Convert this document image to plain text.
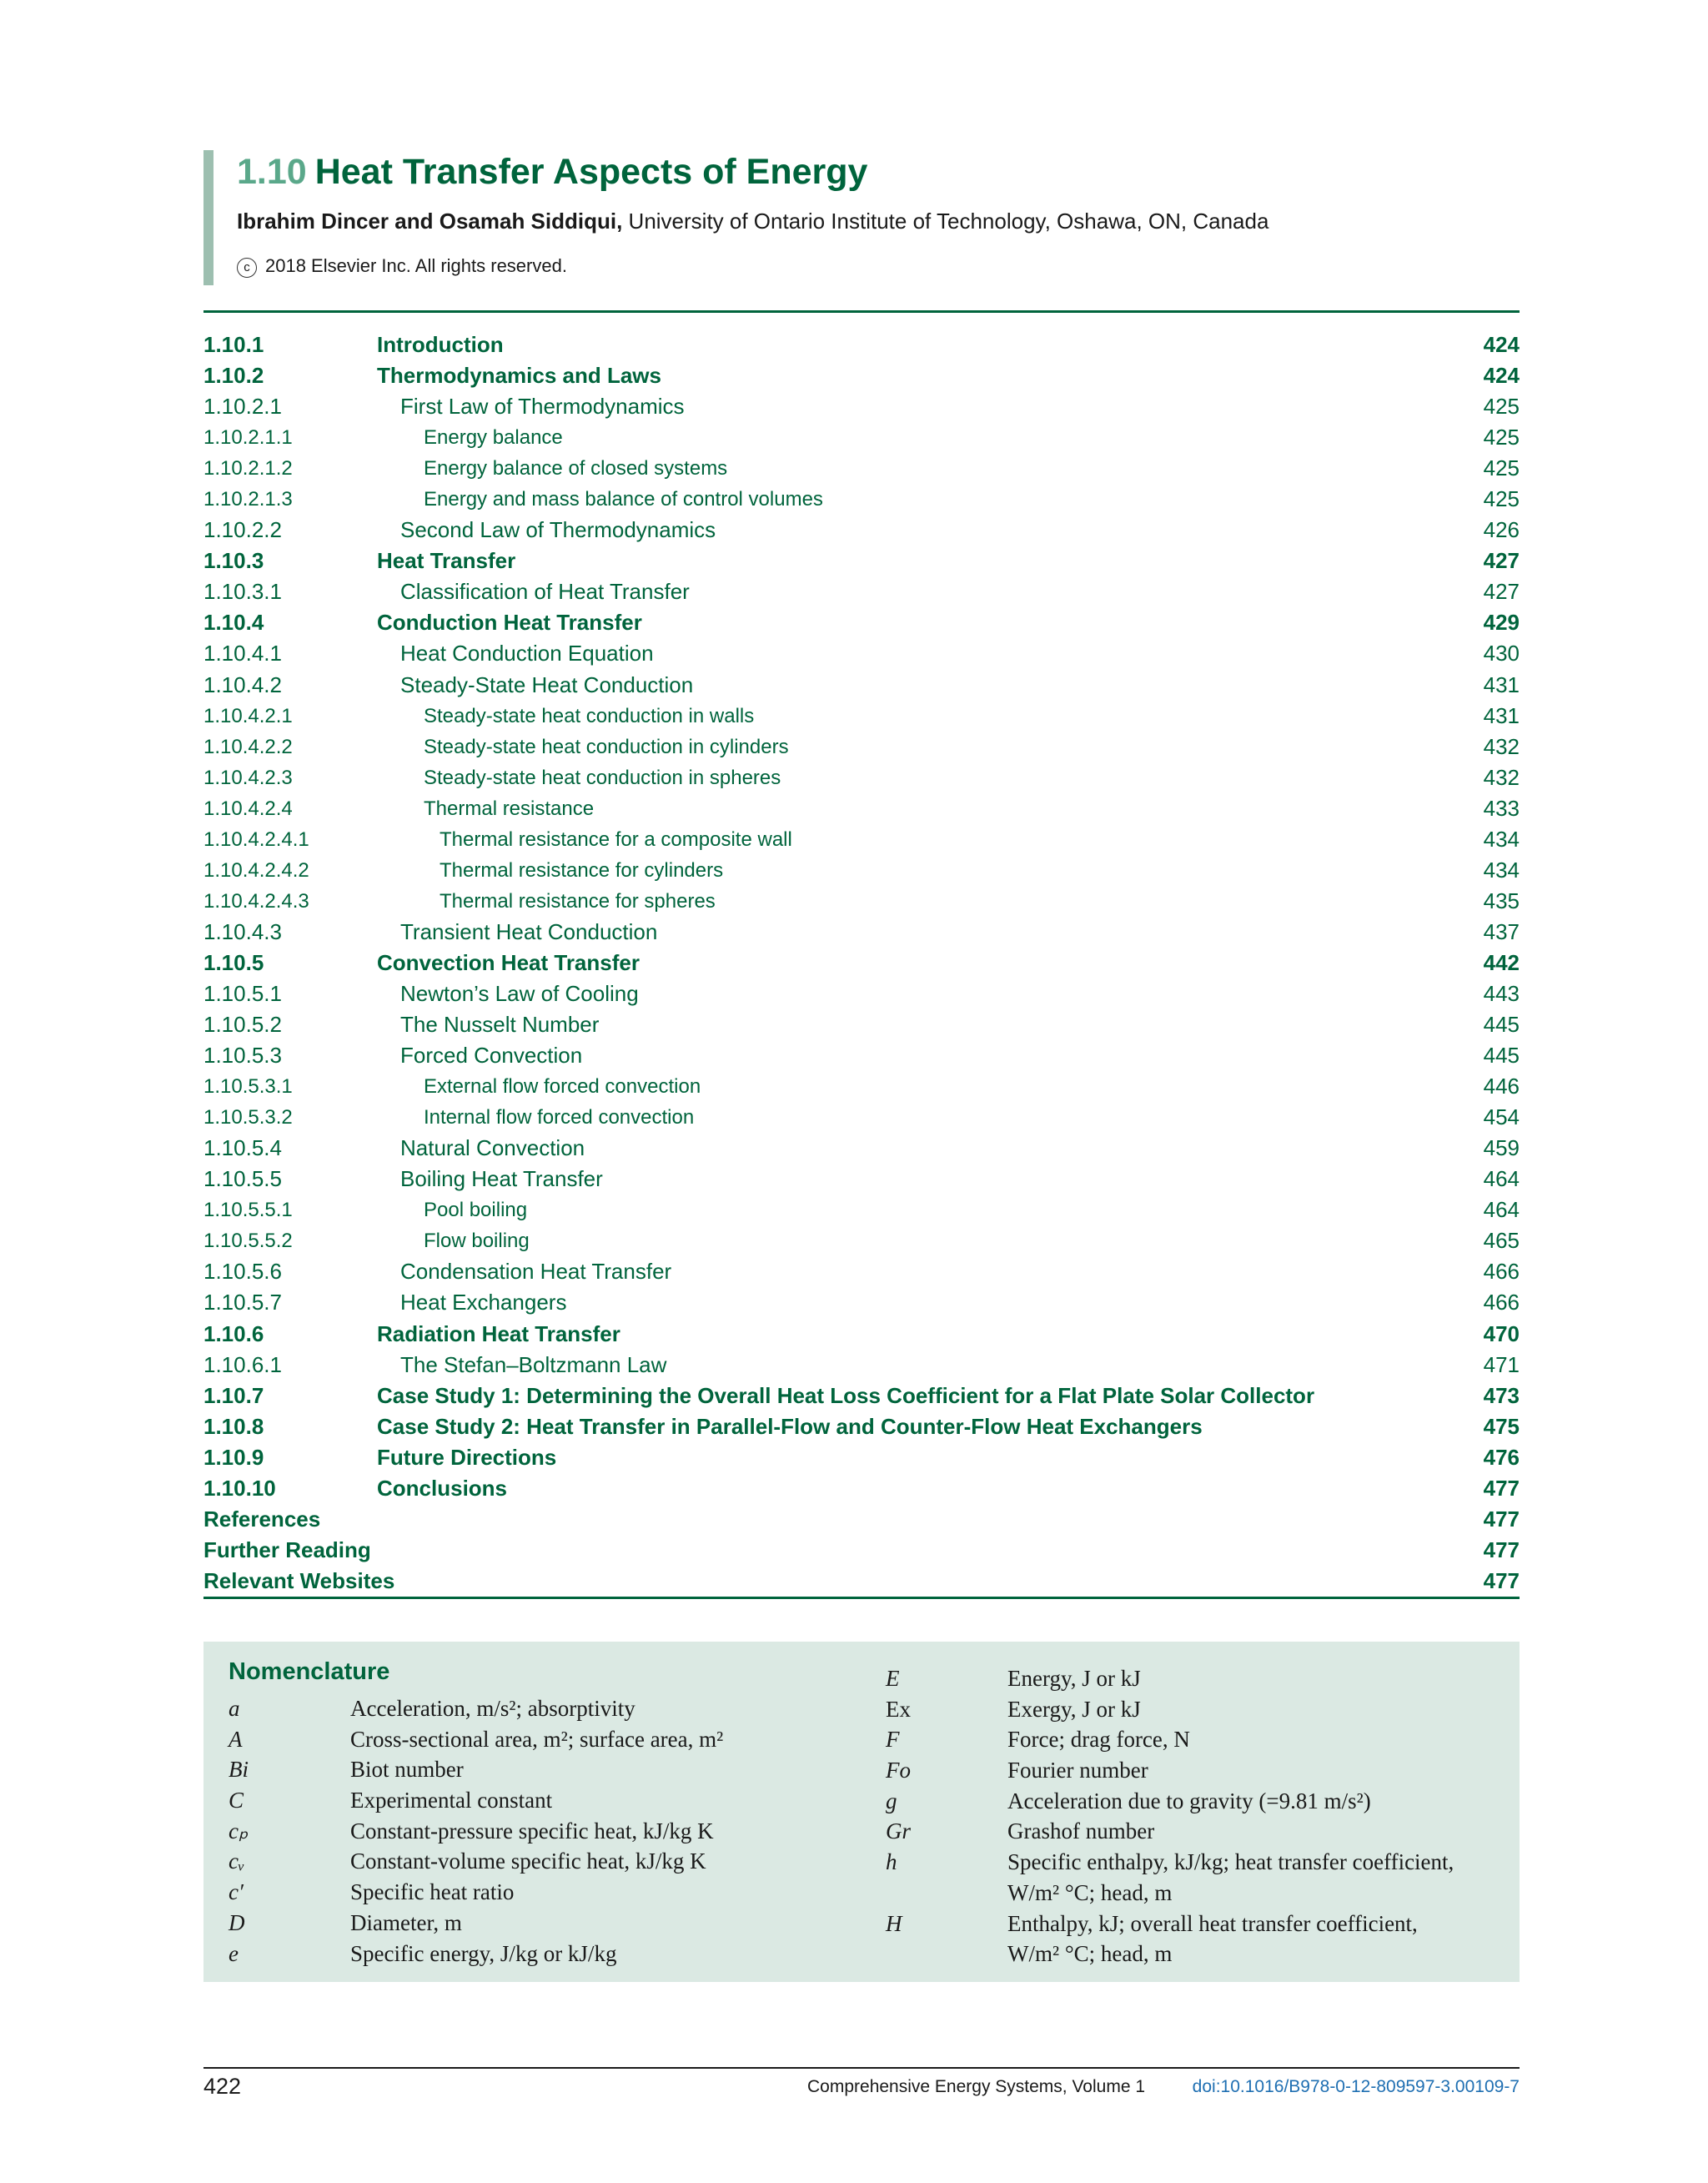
1.10 Heat Transfer Aspects of Energy
Ibrahim Dincer and Osamah Siddiqui, University of Ontario Institute of Technology, Oshawa, ON, Canada
c 2018 Elsevier Inc. All rights reserved.
1.10.1	Introduction	424
1.10.2	Thermodynamics and Laws	424
1.10.2.1	First Law of Thermodynamics	425
1.10.2.1.1	Energy balance	425
1.10.2.1.2	Energy balance of closed systems	425
1.10.2.1.3	Energy and mass balance of control volumes	425
1.10.2.2	Second Law of Thermodynamics	426
1.10.3	Heat Transfer	427
1.10.3.1	Classification of Heat Transfer	427
1.10.4	Conduction Heat Transfer	429
1.10.4.1	Heat Conduction Equation	430
1.10.4.2	Steady-State Heat Conduction	431
1.10.4.2.1	Steady-state heat conduction in walls	431
1.10.4.2.2	Steady-state heat conduction in cylinders	432
1.10.4.2.3	Steady-state heat conduction in spheres	432
1.10.4.2.4	Thermal resistance	433
1.10.4.2.4.1	Thermal resistance for a composite wall	434
1.10.4.2.4.2	Thermal resistance for cylinders	434
1.10.4.2.4.3	Thermal resistance for spheres	435
1.10.4.3	Transient Heat Conduction	437
1.10.5	Convection Heat Transfer	442
1.10.5.1	Newton’s Law of Cooling	443
1.10.5.2	The Nusselt Number	445
1.10.5.3	Forced Convection	445
1.10.5.3.1	External flow forced convection	446
1.10.5.3.2	Internal flow forced convection	454
1.10.5.4	Natural Convection	459
1.10.5.5	Boiling Heat Transfer	464
1.10.5.5.1	Pool boiling	464
1.10.5.5.2	Flow boiling	465
1.10.5.6	Condensation Heat Transfer	466
1.10.5.7	Heat Exchangers	466
1.10.6	Radiation Heat Transfer	470
1.10.6.1	The Stefan–Boltzmann Law	471
1.10.7	Case Study 1: Determining the Overall Heat Loss Coefficient for a Flat Plate Solar Collector	473
1.10.8	Case Study 2: Heat Transfer in Parallel-Flow and Counter-Flow Heat Exchangers	475
1.10.9	Future Directions	476
1.10.10	Conclusions	477
References	477
Further Reading	477
Relevant Websites	477
Nomenclature
a	Acceleration, m/s²; absorptivity
A	Cross-sectional area, m²; surface area, m²
Bi	Biot number
C	Experimental constant
cₚ	Constant-pressure specific heat, kJ/kg K
cᵥ	Constant-volume specific heat, kJ/kg K
c′	Specific heat ratio
D	Diameter, m
e	Specific energy, J/kg or kJ/kg
E	Energy, J or kJ
Ex	Exergy, J or kJ
F	Force; drag force, N
Fo	Fourier number
g	Acceleration due to gravity (=9.81 m/s²)
Gr	Grashof number
h	Specific enthalpy, kJ/kg; heat transfer coefficient,
W/m² °C; head, m
H	Enthalpy, kJ; overall heat transfer coefficient,
W/m² °C; head, m
422	Comprehensive Energy Systems, Volume 1	doi:10.1016/B978-0-12-809597-3.00109-7
